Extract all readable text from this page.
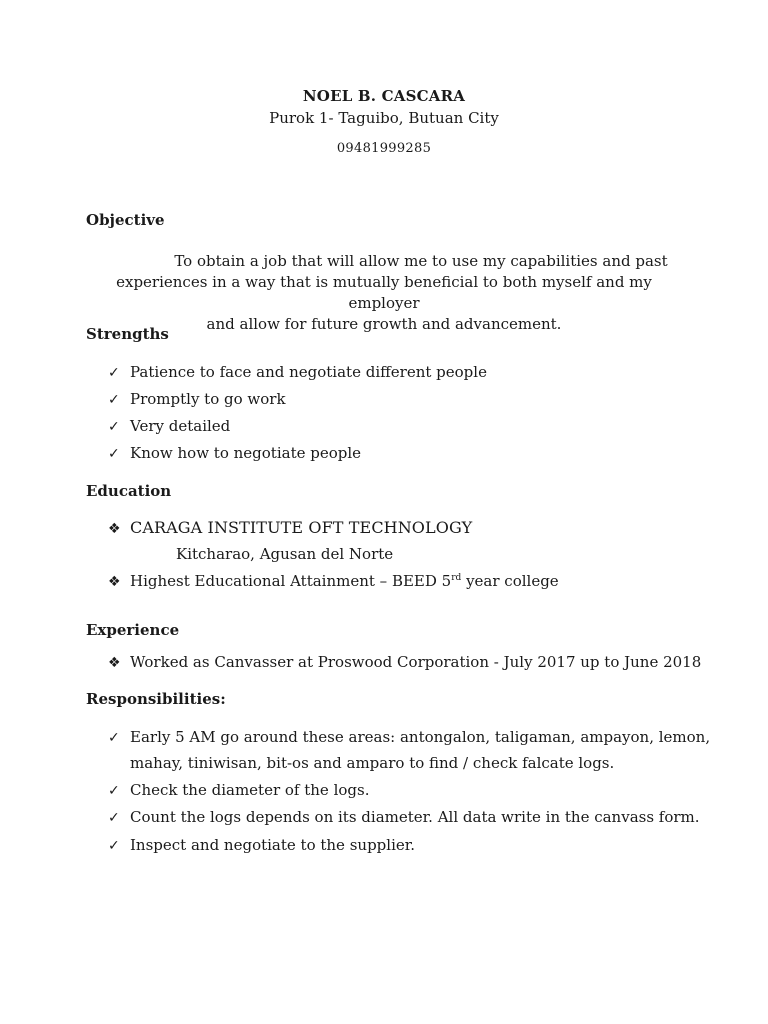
NOEL B. CASCARA
Purok 1- Taguibo, Butuan City
09481999285
Objective
To obtain a job that will allow me to use my capabilities and past
experiences in a way that is mutually beneficial to both myself and my employer
and allow for future growth and advancement.
Strengths
✓ Patience to face and negotiate different people
✓ Promptly to go work
✓ Very detailed
✓ Know how to negotiate people
Education
❖ CARAGA INSTITUTE OFT TECHNOLOGY
Kitcharao, Agusan del Norte
❖ Highest Educational Attainment – BEED 5rd year college
Experience
❖ Worked as Canvasser at Proswood Corporation - July 2017 up to June 2018
Responsibilities:
✓ Early 5 AM go around these areas: antongalon, taligaman, ampayon, lemon,
mahay, tiniwisan, bit-os and amparo to find / check falcate logs.
✓ Check the diameter of the logs.
✓ Count the logs depends on its diameter. All data write in the canvass form.
✓ Inspect and negotiate to the supplier.
